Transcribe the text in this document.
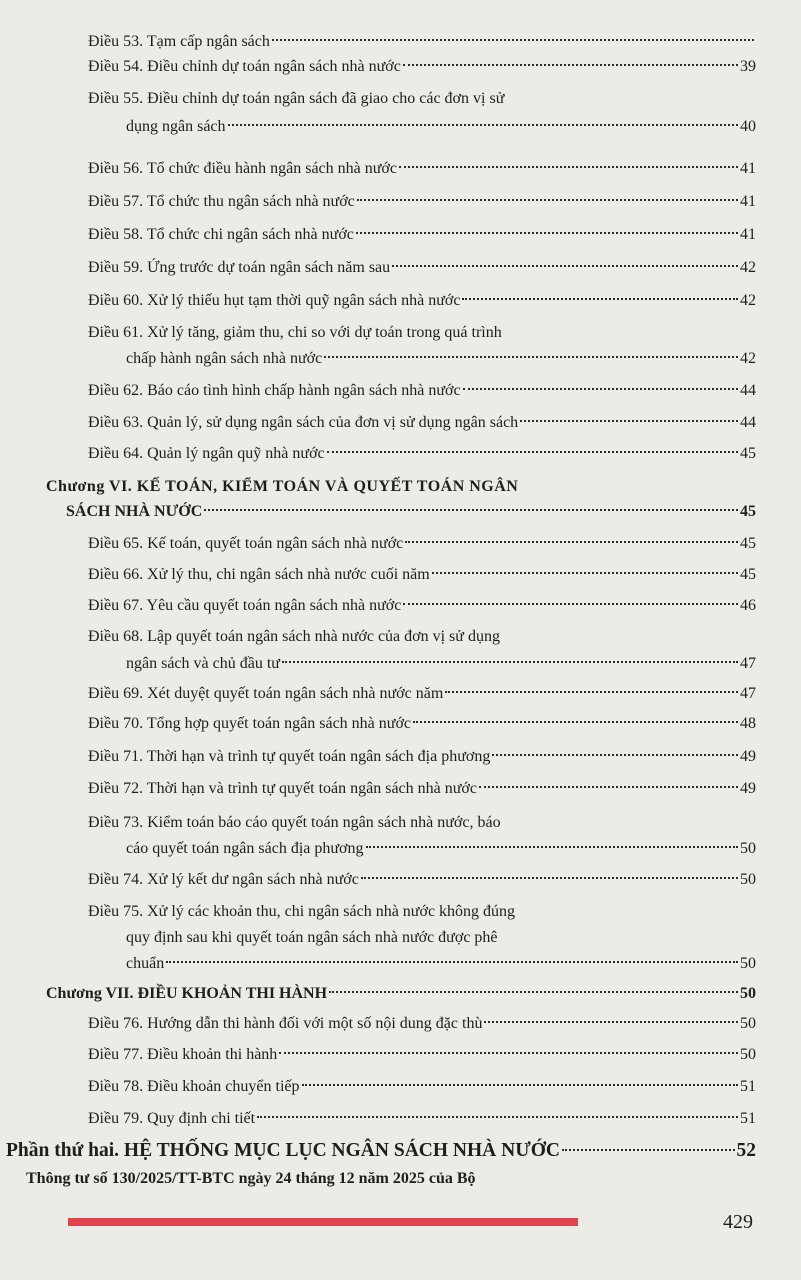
Điều 53. Tạm cấp ngân sách
Điều 54. Điều chỉnh dự toán ngân sách nhà nước	39
Điều 55. Điều chỉnh dự toán ngân sách đã giao cho các đơn vị sử
dụng ngân sách	40
Điều 56. Tổ chức điều hành ngân sách nhà nước	41
Điều 57. Tổ chức thu ngân sách nhà nước	41
Điều 58. Tổ chức chi ngân sách nhà nước	41
Điều 59. Ứng trước dự toán ngân sách năm sau	42
Điều 60. Xử lý thiếu hụt tạm thời quỹ ngân sách nhà nước	42
Điều 61. Xử lý tăng, giảm thu, chi so với dự toán trong quá trình
chấp hành ngân sách nhà nước	42
Điều 62. Báo cáo tình hình chấp hành ngân sách nhà nước	44
Điều 63. Quản lý, sử dụng ngân sách của đơn vị sử dụng ngân sách	44
Điều 64. Quản lý ngân quỹ nhà nước	45
Chương VI. KẾ TOÁN, KIỂM TOÁN VÀ QUYẾT TOÁN NGÂN
SÁCH NHÀ NƯỚC	45
Điều 65. Kế toán, quyết toán ngân sách nhà nước	45
Điều 66. Xử lý thu, chi ngân sách nhà nước cuối năm	45
Điều 67. Yêu cầu quyết toán ngân sách nhà nước	46
Điều 68. Lập quyết toán ngân sách nhà nước của đơn vị sử dụng
ngân sách và chủ đầu tư	47
Điều 69. Xét duyệt quyết toán ngân sách nhà nước năm	47
Điều 70. Tổng hợp quyết toán ngân sách nhà nước	48
Điều 71. Thời hạn và trình tự quyết toán ngân sách địa phương	49
Điều 72. Thời hạn và trình tự quyết toán ngân sách nhà nước	49
Điều 73. Kiểm toán báo cáo quyết toán ngân sách nhà nước, báo
cáo quyết toán ngân sách địa phương	50
Điều 74. Xử lý kết dư ngân sách nhà nước	50
Điều 75. Xử lý các khoản thu, chi ngân sách nhà nước không đúng
quy định sau khi quyết toán ngân sách nhà nước được phê
chuẩn	50
Chương VII. ĐIỀU KHOẢN THI HÀNH	50
Điều 76. Hướng dẫn thi hành đối với một số nội dung đặc thù	50
Điều 77. Điều khoản thi hành	50
Điều 78. Điều khoản chuyển tiếp	51
Điều 79. Quy định chi tiết	51
Phần thứ hai. HỆ THỐNG MỤC LỤC NGÂN SÁCH NHÀ NƯỚC	52
Thông tư số 130/2025/TT-BTC ngày 24 tháng 12 năm 2025 của Bộ
429
